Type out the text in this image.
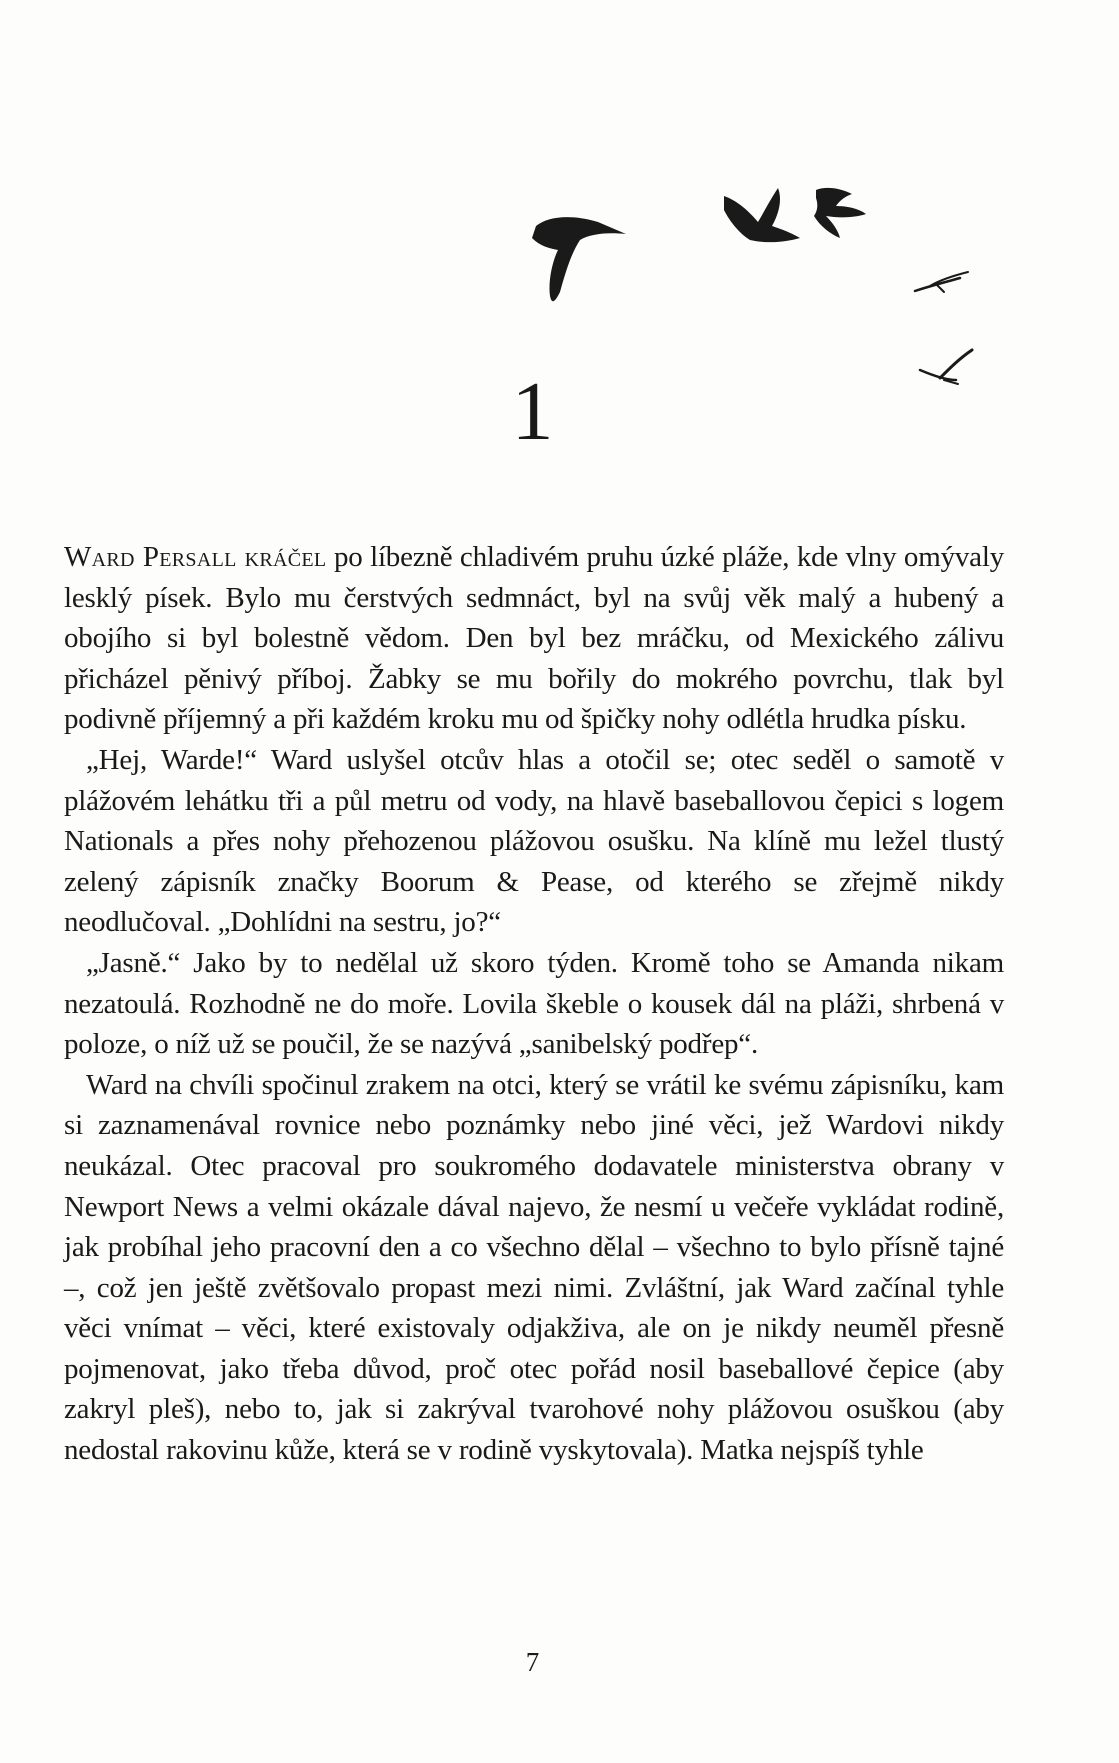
1

Ward Persall kráčel po líbezně chladivém pruhu úzké pláže, kde vlny omývaly lesklý písek. Bylo mu čerstvých sedmnáct, byl na svůj věk malý a hubený a obojího si byl bolestně vědom. Den byl bez mráčku, od Mexického zálivu přicházel pěnivý příboj. Žabky se mu bořily do mokrého povrchu, tlak byl podivně příjemný a při každém kroku mu od špičky nohy odlétla hrudka písku.

„Hej, Warde!“ Ward uslyšel otcův hlas a otočil se; otec seděl o samotě v plážovém lehátku tři a půl metru od vody, na hlavě baseballovou čepici s logem Nationals a přes nohy přehozenou plážovou osušku. Na klíně mu ležel tlustý zelený zápisník značky Boorum & Pease, od kterého se zřejmě nikdy neodlučoval. „Dohlídni na sestru, jo?“

„Jasně.“ Jako by to nedělal už skoro týden. Kromě toho se Amanda nikam nezatoulá. Rozhodně ne do moře. Lovila škeble o kousek dál na pláži, shrbená v poloze, o níž už se poučil, že se nazývá „sanibelský podřep“.

Ward na chvíli spočinul zrakem na otci, který se vrátil ke svému zápisníku, kam si zaznamenával rovnice nebo poznámky nebo jiné věci, jež Wardovi nikdy neukázal. Otec pracoval pro soukromého dodavatele ministerstva obrany v Newport News a velmi okázale dával najevo, že nesmí u večeře vykládat rodině, jak probíhal jeho pracovní den a co všechno dělal – všechno to bylo přísně tajné –, což jen ještě zvětšovalo propast mezi nimi. Zvláštní, jak Ward začínal tyhle věci vnímat – věci, které existovaly odjakživa, ale on je nikdy neuměl přesně pojmenovat, jako třeba důvod, proč otec pořád nosil baseballové čepice (aby zakryl pleš), nebo to, jak si zakrýval tvarohové nohy plážovou osuškou (aby nedostal rakovinu kůže, která se v rodině vyskytovala). Matka nejspíš tyhle

7
